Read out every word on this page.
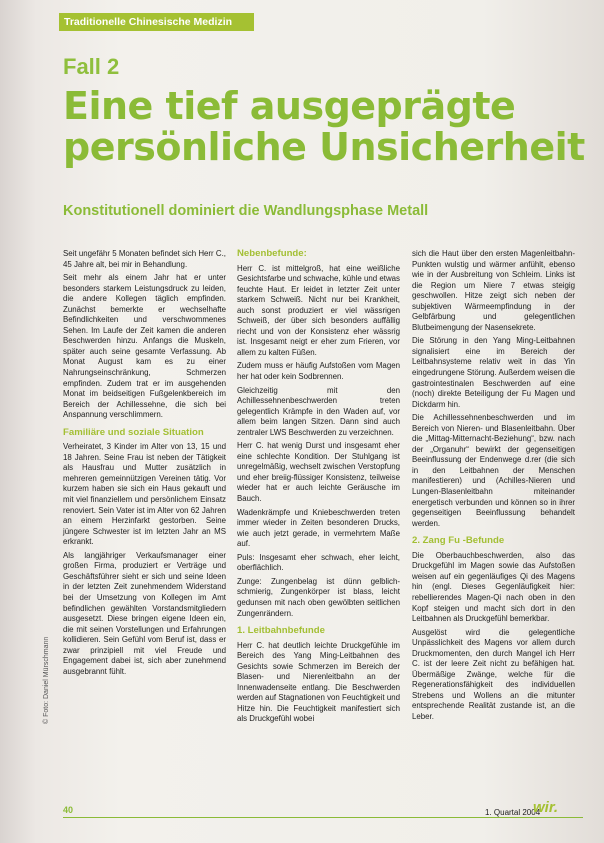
Traditionelle Chinesische Medizin
Fall 2
Eine tief ausgeprägte
persönliche Unsicherheit
Konstitutionell dominiert die Wandlungsphase Metall

Seit ungefähr 5 Monaten befindet sich Herr C., 45 Jahre alt, bei mir in Behandlung.

Seit mehr als einem Jahr hat er unter besonders starkem Leistungsdruck zu leiden, die andere Kollegen täglich empfinden. Zunächst bemerkte er wechselhafte Befindlichkeiten und verschwommenes Sehen. Im Laufe der Zeit kamen die anderen Beschwerden hinzu. Anfangs die Muskeln, später auch seine gesamte Verfassung. Ab Monat August kam es zu einer Nahrungseinschränkung, Schmerzen empfinden. Zudem trat er im ausgehenden Monat im beidseitigen Fußgelenkbereich im Bereich der Achillessehne, die sich bei Anspannung verschlimmern.

Familiäre und soziale Situation

Verheiratet, 3 Kinder im Alter von 13, 15 und 18 Jahren. Seine Frau ist neben der Tätigkeit als Hausfrau und Mutter zusätzlich in mehreren gemeinnützigen Vereinen tätig. Vor kurzem haben sie sich ein Haus gekauft und mit viel finanziellem und persönlichem Einsatz renoviert. Sein Vater ist im Alter von 62 Jahren an einem Herzinfarkt gestorben. Seine jüngere Schwester ist im letzten Jahr an MS erkrankt.

Als langjähriger Verkaufsmanager einer großen Firma, produziert er Verträge und Geschäftsführer sieht er sich und seine Ideen in der letzten Zeit zunehmendem Widerstand bei der Umsetzung von Kollegen im Amt befindlichen gewählten Vorstandsmitgliedern ausgesetzt. Diese bringen eigene Ideen ein, die mit seinen Vorstellungen und Erfahrungen kollidieren. Sein Gefühl vom Beruf ist, dass er zwar prinzipiell mit viel Freude und Engagement dabei ist, sich aber zunehmend ausgebrannt fühlt.

Nebenbefunde:

Herr C. ist mittelgroß, hat eine weißliche Gesichtsfarbe und schwache, kühle und etwas feuchte Haut. Er leidet in letzter Zeit unter starkem Schweiß. Nicht nur bei Krankheit, auch sonst produziert er viel wässrigen Schweiß, der über sich besonders auffällig riecht und von der Konsistenz eher wässrig ist. Insgesamt neigt er eher zum Frieren, vor allem zu kalten Füßen.

Zudem muss er häufig Aufstoßen vom Magen her hat oder kein Sodbrennen.

Gleichzeitig mit den Achillessehnenbeschwerden treten gelegentlich Krämpfe in den Waden auf, vor allem beim langen Sitzen. Dann sind auch zentraler LWS Beschwerden zu verzeichnen.

Herr C. hat wenig Durst und insgesamt eher eine schlechte Kondition. Der Stuhlgang ist unregelmäßig, wechselt zwischen Verstopfung und eher breiig-flüssiger Konsistenz, teilweise wieder hat er auch leichte Geräusche im Bauch.

Wadenkrämpfe und Kniebeschwerden treten immer wieder in Zeiten besonderen Drucks, wie auch jetzt gerade, in vermehrtem Maße auf.

Puls: Insgesamt eher schwach, eher leicht, oberflächlich.

Zunge: Zungenbelag ist dünn gelblich-schmierig, Zungenkörper ist blass, leicht gedunsen mit nach oben gewölbten seitlichen Zungenrändern.

1. Leitbahnbefunde

Herr C. hat deutlich leichte Druckgefühle im Bereich des Yang Ming-Leitbahnen des Gesichts sowie Schmerzen im Bereich der Blasen- und Nierenleitbahn an der Innenwadenseite entlang. Die Beschwerden werden auf Stagnationen von Feuchtigkeit und Hitze hin. Die Feuchtigkeit manifestiert sich als Druckgefühl wobei

sich die Haut über den ersten Magenleitbahn-Punkten wulstig und wärmer anfühlt, ebenso wie in der Ausbreitung von Schleim. Links ist die Region um Niere 7 etwas steigig geschwollen. Hitze zeigt sich neben der subjektiven Wärmeempfindung in der Gelbfärbung und gelegentlichen Blutbeimengung der Nasensekrete.

Die Störung in den Yang Ming-Leitbahnen signalisiert eine im Bereich der Leitbahnsysteme relativ weit in das Yin eingedrungene Störung. Außerdem weisen die gastrointestinalen Beschwerden auf eine (noch) direkte Beteiligung der Fu Magen und Dickdarm hin.

Die Achillessehnenbeschwerden und im Bereich von Nieren- und Blasenleitbahn. Über die „Mittag-Mitternacht-Beziehung“, bzw. nach der „Organuhr“ bewirkt der gegenseitigen Beeinflussung der Endenwege d.rer (die sich in den Leitbahnen der Menschen manifestieren) und (Achilles-Nieren und Lungen-Blasenleitbahn miteinander energetisch verbunden und können so in ihrer gegenseitigen Beeinflussung behandelt werden.

2. Zang Fu -Befunde

Die Oberbauchbeschwerden, also das Druckgefühl im Magen sowie das Aufstoßen weisen auf ein gegenläufiges Qi des Magens hin (engl. Dieses Gegenläufigkeit hier: rebellierendes Magen-Qi nach oben in den Kopf steigen und macht sich dort in den Leitbahnen als Druckgefühl bemerkbar.

Ausgelöst wird die gelegentliche Unpässlichkeit des Magens vor allem durch Druckmomenten, den durch Mangel ich Herr C. ist der leere Zeit nicht zu befähigen hat. Übermäßige Zwänge, welche für die Regenerationsfähigkeit des individuellen Strebens und Wollens an die mitunter entsprechende Realität zustande ist, an die Leber.

© Foto: Daniel Mürschmann
40	1. Quartal 2004
wir.
